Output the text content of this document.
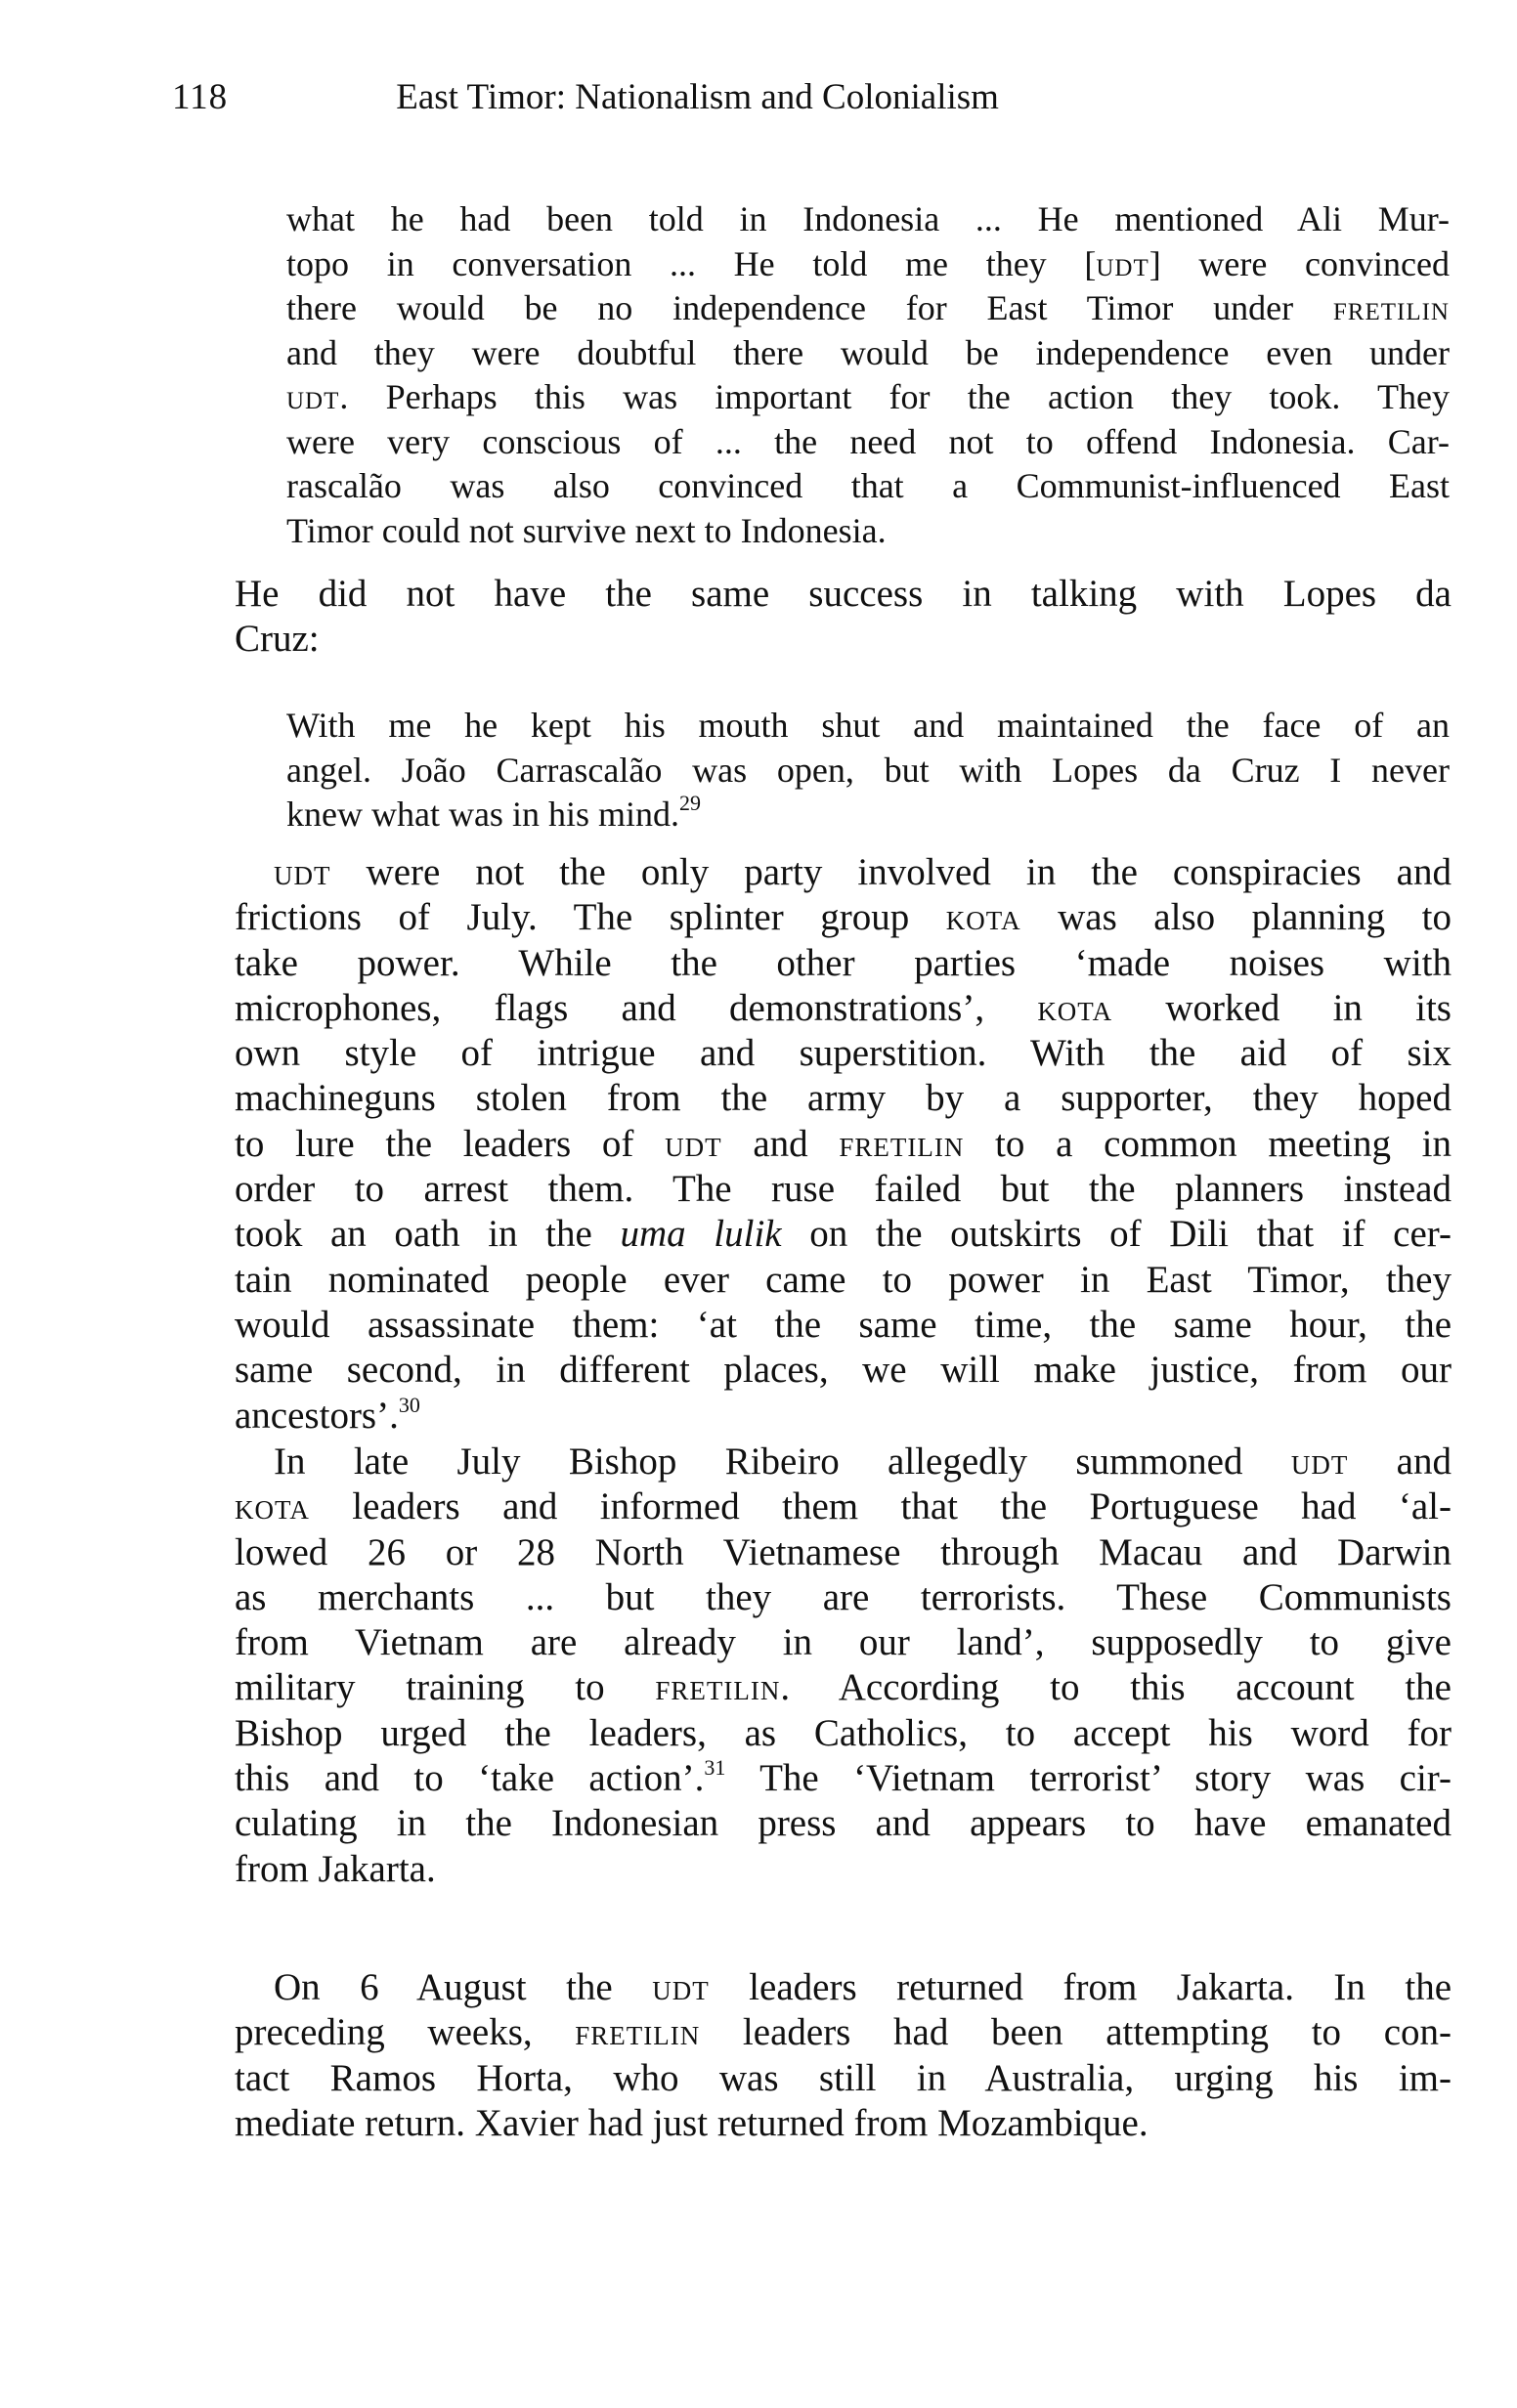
118	East Timor: Nationalism and Colonialism
what he had been told in Indonesia ... He mentioned Ali Mur-
topo in conversation ... He told me they [udt] were convinced
there would be no independence for East Timor under fretilin
and they were doubtful there would be independence even under
udt. Perhaps this was important for the action they took. They
were very conscious of ... the need not to offend Indonesia. Car-
rascalão was also convinced that a Communist-influenced East
Timor could not survive next to Indonesia.
He did not have the same success in talking with Lopes da
Cruz:
With me he kept his mouth shut and maintained the face of an
angel. João Carrascalão was open, but with Lopes da Cruz I never
knew what was in his mind.$^{29}$
udt were not the only party involved in the conspiracies and
frictions of July. The splinter group kota was also planning to
take power. While the other parties ‘made noises with
microphones, flags and demonstrations’, kota worked in its
own style of intrigue and superstition. With the aid of six
machineguns stolen from the army by a supporter, they hoped
to lure the leaders of udt and fretilin to a common meeting in
order to arrest them. The ruse failed but the planners instead
took an oath in the uma lulik on the outskirts of Dili that if cer-
tain nominated people ever came to power in East Timor, they
would assassinate them: ‘at the same time, the same hour, the
same second, in different places, we will make justice, from our
ancestors’.$^{30}$
In late July Bishop Ribeiro allegedly summoned udt and
kota leaders and informed them that the Portuguese had ‘al-
lowed 26 or 28 North Vietnamese through Macau and Darwin
as merchants ... but they are terrorists. These Communists
from Vietnam are already in our land’, supposedly to give
military training to fretilin. According to this account the
Bishop urged the leaders, as Catholics, to accept his word for
this and to ‘take action’.$^{31}$ The ‘Vietnam terrorist’ story was cir-
culating in the Indonesian press and appears to have emanated
from Jakarta.
On 6 August the udt leaders returned from Jakarta. In the
preceding weeks, fretilin leaders had been attempting to con-
tact Ramos Horta, who was still in Australia, urging his im-
mediate return. Xavier had just returned from Mozambique.
